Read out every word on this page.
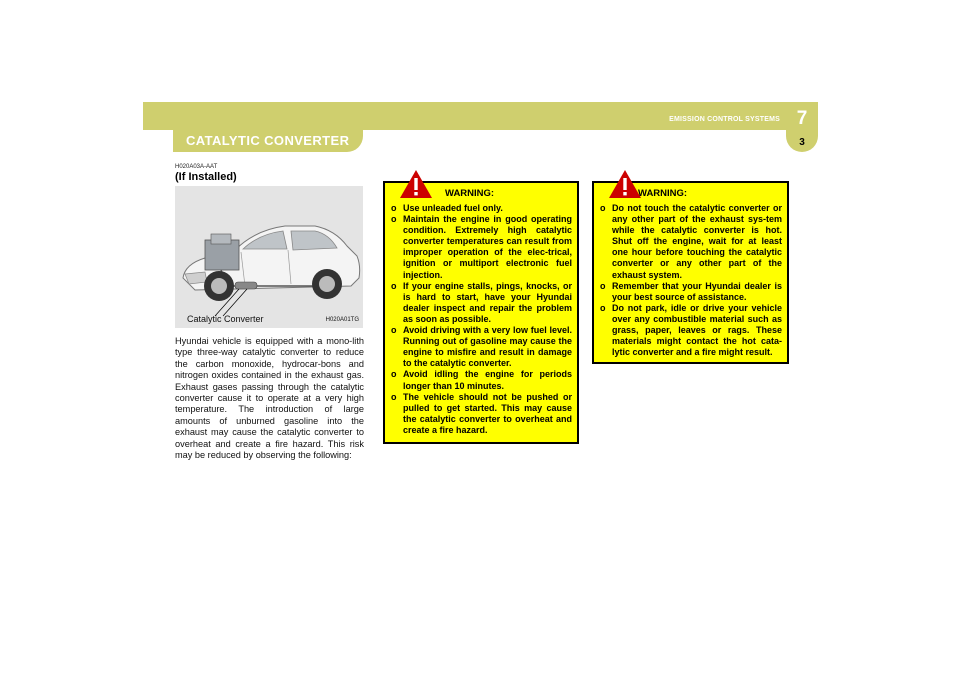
7
3
EMISSION CONTROL SYSTEMS
CATALYTIC CONVERTER
H020A03A-AAT
(If Installed)
Catalytic Converter	H020A01TG
Hyundai vehicle is equipped with a mono-lith type three-way catalytic converter to reduce the carbon monoxide, hydrocar-bons and nitrogen oxides contained in the exhaust gas. Exhaust gases passing through the catalytic converter cause it to operate at a very high temperature. The introduction of large amounts of unburned gasoline into the exhaust may cause the catalytic converter to overheat and create a fire hazard. This risk may be reduced by observing the following:
WARNING:
o Use unleaded fuel only.
o Maintain the engine in good operating condition. Extremely high catalytic converter temperatures can result from improper operation of the elec-trical, ignition or multiport electronic fuel injection.
o If your engine stalls, pings, knocks, or is hard to start, have your Hyundai dealer inspect and repair the problem as soon as possible.
o Avoid driving with a very low fuel level. Running out of gasoline may cause the engine to misfire and result in damage to the catalytic converter.
o Avoid idling the engine for periods longer than 10 minutes.
o The vehicle should not be pushed or pulled to get started. This may cause the catalytic converter to overheat and create a fire hazard.
WARNING:
o Do not touch the catalytic converter or any other part of the exhaust sys-tem while the catalytic converter is hot. Shut off the engine, wait for at least one hour before touching the catalytic converter or any other part of the exhaust system.
o Remember that your Hyundai dealer is your best source of assistance.
o Do not park, idle or drive your vehicle over any combustible material such as grass, paper, leaves or rags. These materials might contact the hot cata-lytic converter and a fire might result.
